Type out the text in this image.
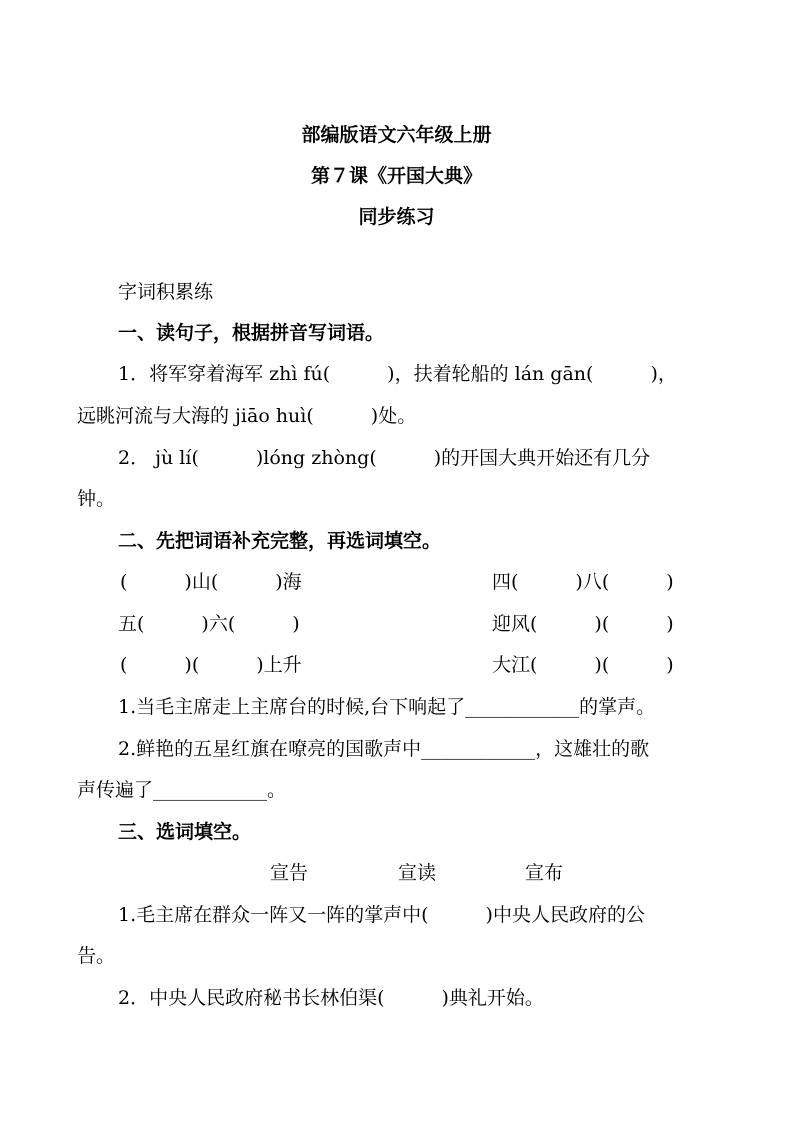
部编版语文六年级上册

第７课《开国大典》

同步练习

字词积累练

一、读句子，根据拼音写词语。

1．将军穿着海军 zhì fú(　　　)，扶着轮船的 lán gān(　　　)，

远眺河流与大海的 jiāo huì(　　　)处。

2． jù lí(　　　)lóng zhòng(　　　)的开国大典开始还有几分

钟。

二、先把词语补充完整，再选词填空。

(　　　)山(　　　)海	四(　　　)八(　　　)

五(　　　)六(　　　)	迎风(　　　)(　　　)

(　　　)(　　　)上升	大江(　　　)(　　　)

1.当毛主席走上主席台的时候,台下响起了____________的掌声。

2.鲜艳的五星红旗在嘹亮的国歌声中____________，这雄壮的歌

声传遍了____________。

三、选词填空。

宣告	宣读	宣布

1.毛主席在群众一阵又一阵的掌声中(　　　)中央人民政府的公

告。

2．中央人民政府秘书长林伯渠(　　　)典礼开始。
